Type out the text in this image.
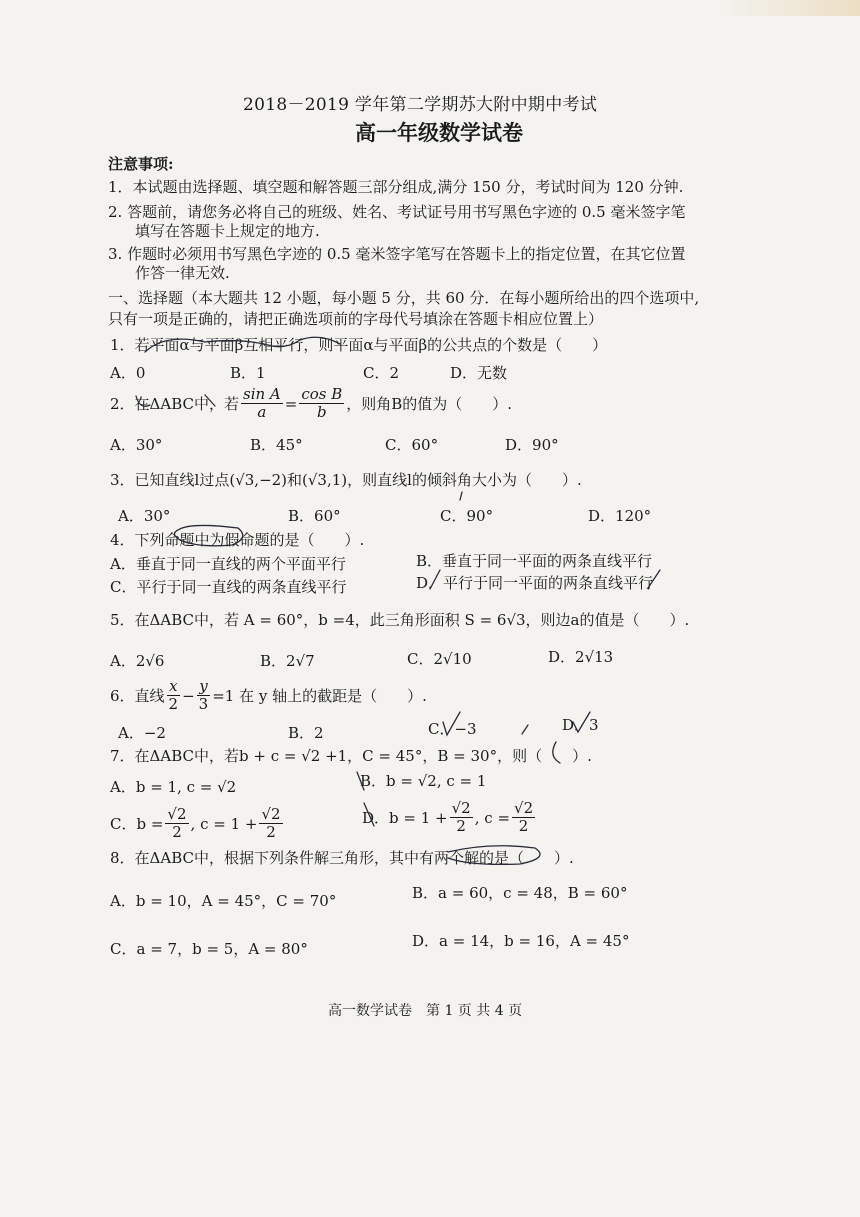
2018－2019 学年第二学期苏大附中期中考试
高一年级数学试卷
注意事项:
1．本试题由选择题、填空题和解答题三部分组成,满分 150 分，考试时间为 120 分钟.
2. 答题前，请您务必将自己的班级、姓名、考试证号用书写黑色字迹的 0.5 毫米签字笔
填写在答题卡上规定的地方.
3. 作题时必须用书写黑色字迹的 0.5 毫米签字笔写在答题卡上的指定位置，在其它位置
作答一律无效.
一、选择题（本大题共 12 小题，每小题 5 分，共 60 分．在每小题所给出的四个选项中,
只有一项是正确的，请把正确选项前的字母代号填涂在答题卡相应位置上）
1．若平面α与平面β互相平行，则平面α与平面β的公共点的个数是（　　）
A．0	B．1	C．2	D．无数
2．在ΔABC中，若 $\frac{\text{sin A}}{a} = \frac{\text{cos B}}{b}$ ，则角B的值为（　　）.
A．30°	B．45°	C．60°	D．90°
3．已知直线l过点(√3,−2)和(√3,1)，则直线l的倾斜角大小为（　　）.
A．30°	B．60°	C．90°	D．120°
4．下列命题中为假命题的是（　　）.
A．垂直于同一直线的两个平面平行	B．垂直于同一平面的两条直线平行
C．平行于同一直线的两条直线平行	D．平行于同一平面的两条直线平行
5．在ΔABC中，若 A = 60°，b =4，此三角形面积 S = 6√3，则边a的值是（　　）.
A．2√6	B．2√7	C．2√10	D．2√13
6．直线 $\frac{x}{2} - \frac{y}{3} =1$ 在 y 轴上的截距是（　　）.
A．−2	B．2	C．−3	D．3
7．在ΔABC中，若b + c = √2 +1，C = 45°，B = 30°，则（　　）.
A．b = 1, c = √2	B．b = √2, c = 1
C．$b = \frac{√2}{2}$ , $c = 1 + \frac{√2}{2}$	D．$b = 1 + \frac{√2}{2}$ , $c = \frac{√2}{2}$
8．在ΔABC中，根据下列条件解三角形，其中有两个解的是（　　）.
A．b = 10，A = 45°，C = 70°	B．a = 60，c = 48，B = 60°
C．a = 7，b = 5，A = 80°	D．a = 14，b = 16，A = 45°
高一数学试卷　第 1 页 共 4 页
